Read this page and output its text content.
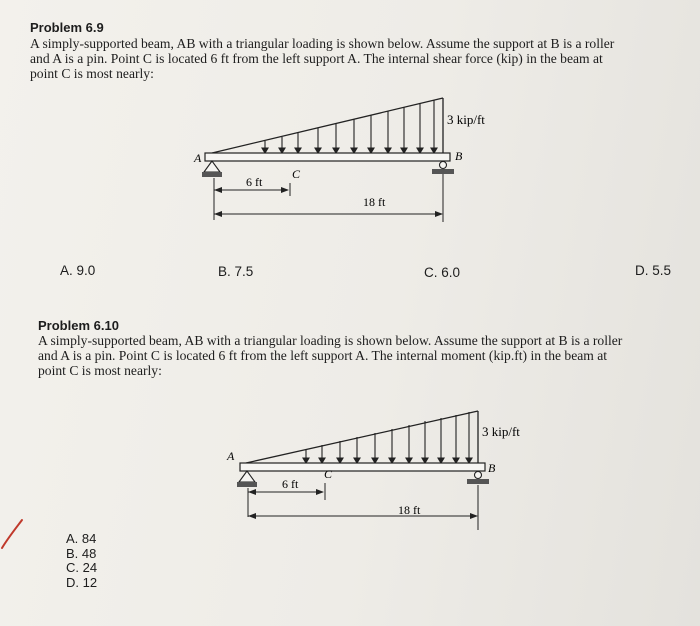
Problem 6.9
A simply-supported beam, AB with a triangular loading is shown below. Assume the support at B is a roller
and A is a pin. Point C is located 6 ft from the left support A. The internal shear force (kip) in the beam at
point C is most nearly:
A	B
C
3 kip/ft
6 ft
18 ft
A. 9.0	B. 7.5	C. 6.0	D. 5.5
Problem 6.10
A simply-supported beam, AB with a triangular loading is shown below. Assume the support at B is a roller
and A is a pin. Point C is located 6 ft from the left support A. The internal moment (kip.ft) in the beam at
point C is most nearly:
A
B
C
3 kip/ft
6 ft
18 ft
A. 84
B. 48
C. 24
D. 12
